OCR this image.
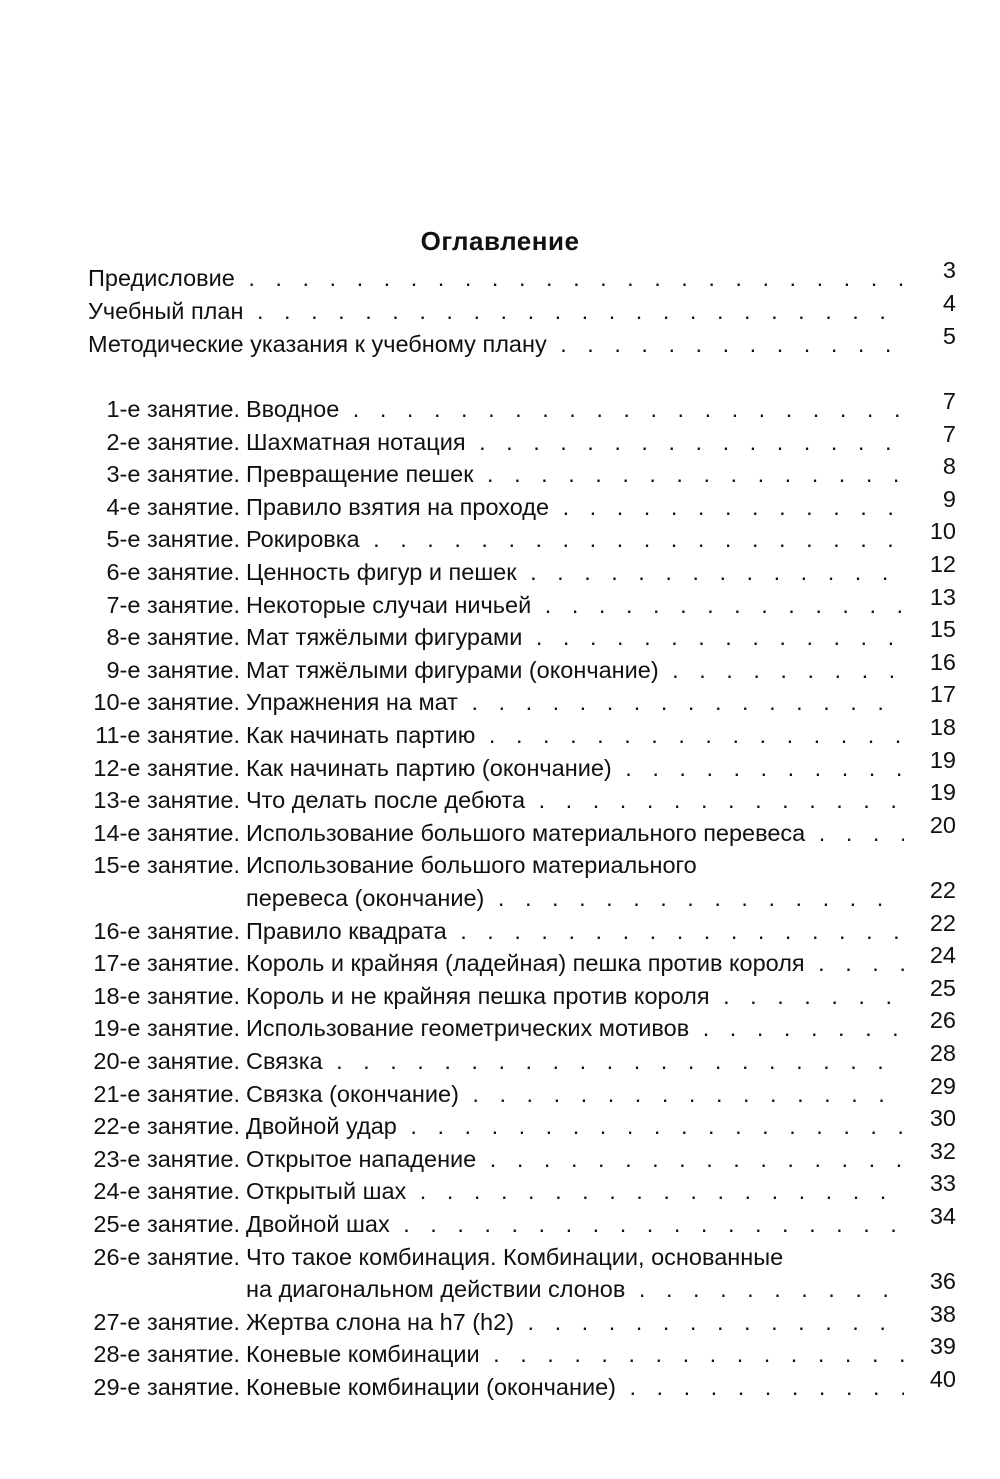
Оглавление
Предисловие . . .	3
Учебный план . . .	4
Методические указания к учебному плану . . .	5
1-е занятие. Вводное . . .	7
2-е занятие. Шахматная нотация . . .	7
3-е занятие. Превращение пешек . . .	8
4-е занятие. Правило взятия на проходе . . .	9
5-е занятие. Рокировка . . .	10
6-е занятие. Ценность фигур и пешек . . .	12
7-е занятие. Некоторые случаи ничьей . . .	13
8-е занятие. Мат тяжёлыми фигурами . . .	15
9-е занятие. Мат тяжёлыми фигурами (окончание) . . .	16
10-е занятие. Упражнения на мат . . .	17
11-е занятие. Как начинать партию . . .	18
12-е занятие. Как начинать партию (окончание) . . .	19
13-е занятие. Что делать после дебюта . . .	19
14-е занятие. Использование большого материального перевеса . . .	20
15-е занятие. Использование большого материального
перевеса (окончание) . . .	22
16-е занятие. Правило квадрата . . .	22
17-е занятие. Король и крайняя (ладейная) пешка против короля . . .	24
18-е занятие. Король и не крайняя пешка против короля . . .	25
19-е занятие. Использование геометрических мотивов . . .	26
20-е занятие. Связка . . .	28
21-е занятие. Связка (окончание) . . .	29
22-е занятие. Двойной удар . . .	30
23-е занятие. Открытое нападение . . .	32
24-е занятие. Открытый шах . . .	33
25-е занятие. Двойной шах . . .	34
26-е занятие. Что такое комбинация. Комбинации, основанные
на диагональном действии слонов . . .	36
27-е занятие. Жертва слона на h7 (h2) . . .	38
28-е занятие. Коневые комбинации . . .	39
29-е занятие. Коневые комбинации (окончание) . . .	40
